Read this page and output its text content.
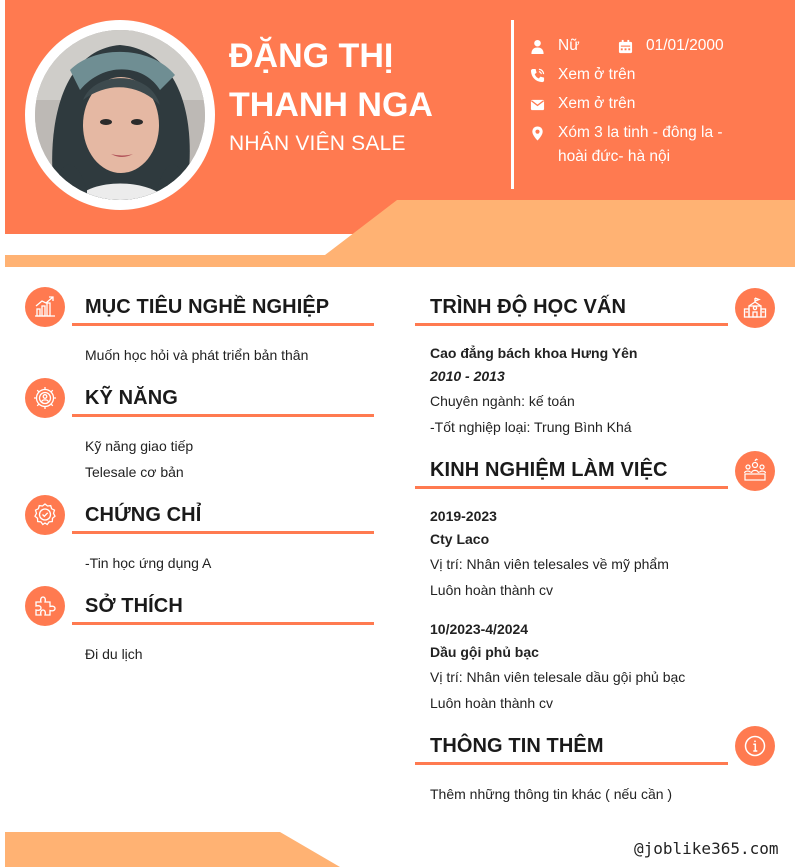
ĐẶNG THỊ
THANH NGA
NHÂN VIÊN SALE
Nữ	01/01/2000
Xem ở trên
Xem ở trên
Xóm 3 la tinh - đông la -
hoài đức- hà nội
MỤC TIÊU NGHỀ NGHIỆP
Muốn học hỏi và phát triển bản thân
KỸ NĂNG
Kỹ năng giao tiếp
Telesale cơ bản
CHỨNG CHỈ
-Tin học ứng dụng A
SỞ THÍCH
Đi du lịch
TRÌNH ĐỘ HỌC VẤN
Cao đẳng bách khoa Hưng Yên
2010 - 2013
Chuyên ngành: kế toán
-Tốt nghiệp loại: Trung Bình Khá
KINH NGHIỆM LÀM VIỆC
2019-2023
Cty Laco
Vị trí: Nhân viên telesales về mỹ phẩm
Luôn hoàn thành cv
10/2023-4/2024
Dầu gội phủ bạc
Vị trí: Nhân viên telesale dầu gội phủ bạc
Luôn hoàn thành cv
THÔNG TIN THÊM
Thêm những thông tin khác ( nếu cần )
@joblike365.com
